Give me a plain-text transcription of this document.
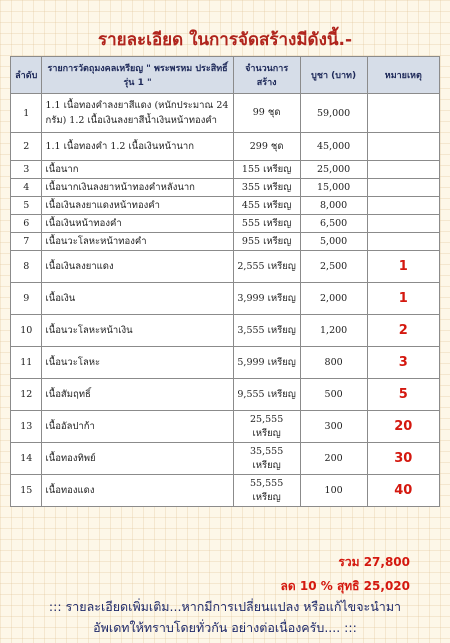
รายละเอียด ในการจัดสร้างมีดังนี้.-
ลำดับ	รายการวัตถุมงคลเหรียญ " พระพรหม ประสิทธิ์ รุ่น 1 "	จำนวนการ สร้าง	บูชา (บาท)	หมายเหตุ
1	1.1 เนื้อทองคำลงยาสีแดง (หนักประมาณ 24 กรัม) 1.2 เนื้อเงินลงยาสีน้ำเงินหน้าทองคำ	99 ชุด	59,000	
2	1.1 เนื้อทองคำ 1.2 เนื้อเงินหน้านาก	299 ชุด	45,000	
3	เนื้อนาก	155 เหรียญ	25,000	
4	เนื้อนากเงินลงยาหน้าทองคำหลังนาก	355 เหรียญ	15,000	
5	เนื้อเงินลงยาแดงหน้าทองคำ	455 เหรียญ	8,000	
6	เนื้อเงินหน้าทองคำ	555 เหรียญ	6,500	
7	เนื้อนวะโลหะหน้าทองคำ	955 เหรียญ	5,000	
8	เนื้อเงินลงยาแดง	2,555 เหรียญ	2,500	1
9	เนื้อเงิน	3,999 เหรียญ	2,000	1
10	เนื้อนวะโลหะหน้าเงิน	3,555 เหรียญ	1,200	2
11	เนื้อนวะโลหะ	5,999 เหรียญ	800	3
12	เนื้อสัมฤทธิ์	9,555 เหรียญ	500	5
13	เนื้ออัลปาก้า	25,555 เหรียญ	300	20
14	เนื้อทองทิพย์	35,555 เหรียญ	200	30
15	เนื้อทองแดง	55,555 เหรียญ	100	40
รวม 27,800
ลด 10 % สุทธิ 25,020
::: รายละเอียดเพิ่มเติม...หากมีการเปลี่ยนแปลง หรือแก้ไขจะนำมา
อัพเดทให้ทราบโดยทั่วกัน อย่างต่อเนื่องครับ.... :::
